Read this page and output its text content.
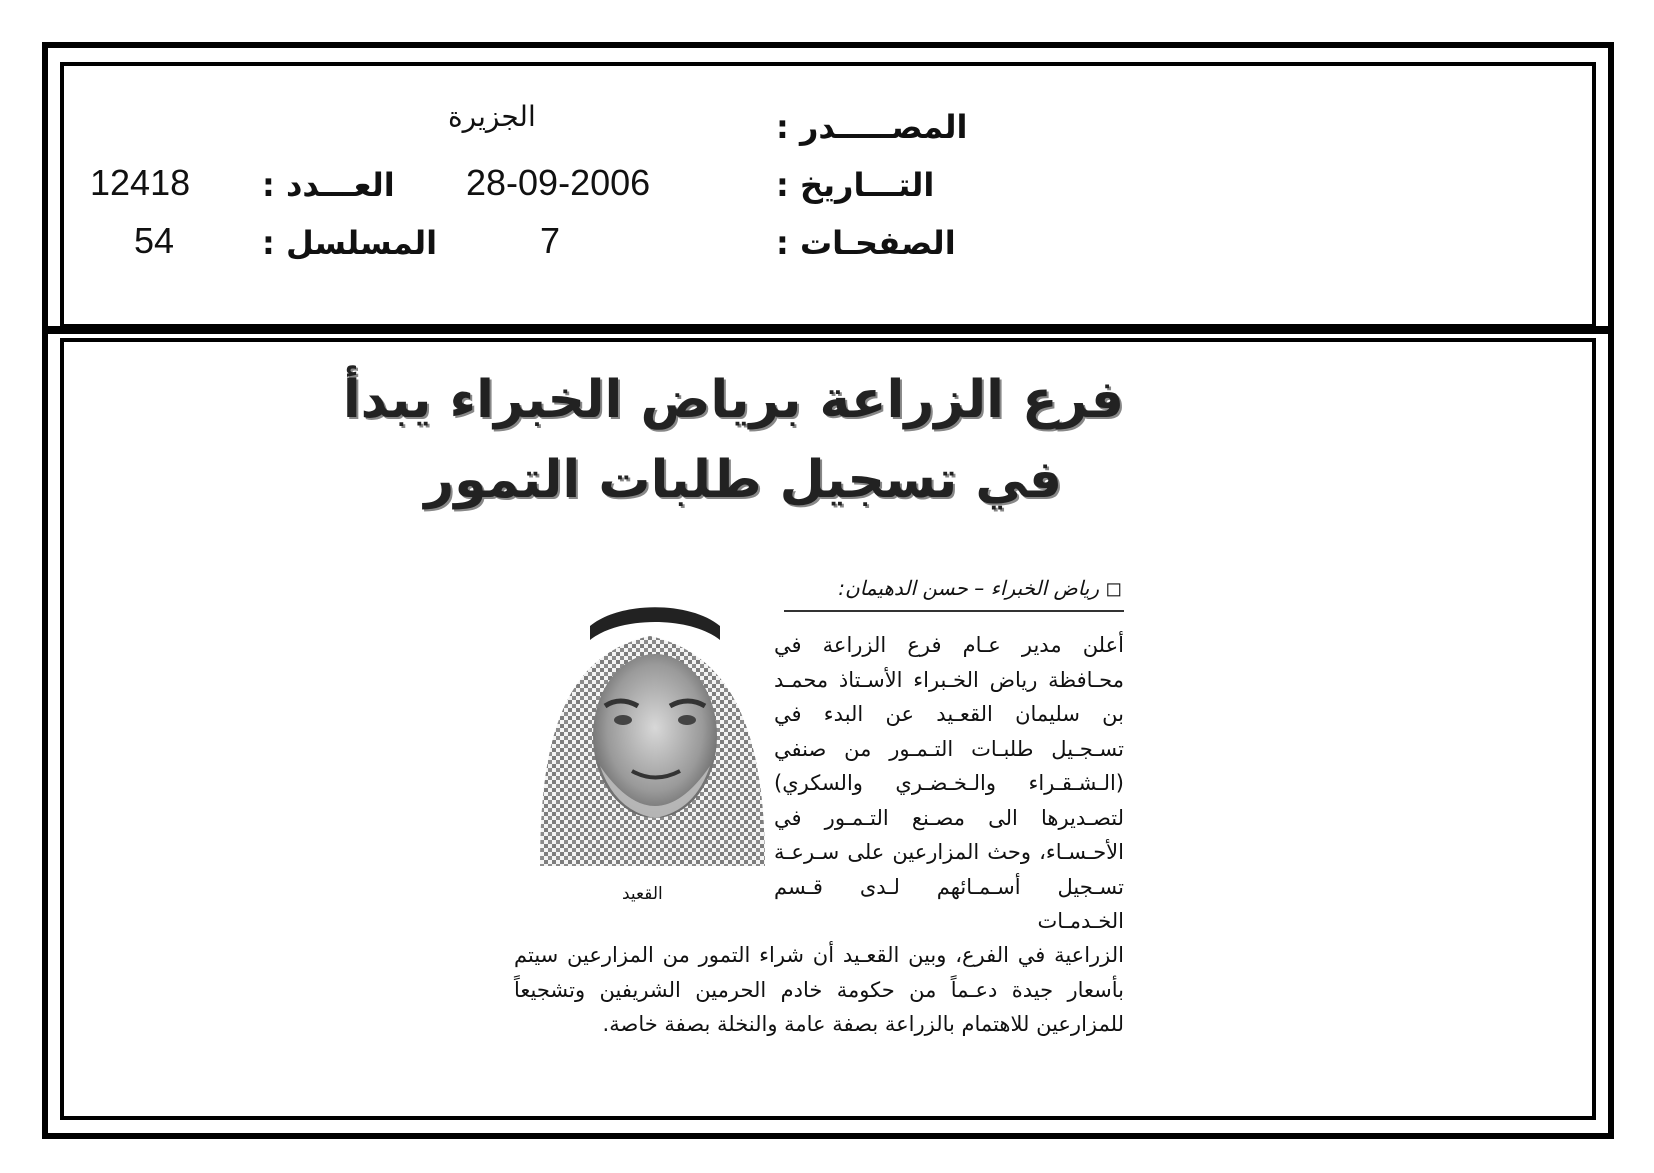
المصـــــدر :
الجزيرة
التـــاريخ :
28-09-2006
الصفحـات :
7
العـــدد :
12418
المسلسل :
54
فرع الزراعة برياض الخبراء يبدأ
في تسجيل طلبات التمور
◻ رياض الخبراء – حسن الدهيمان:
أعلن مدير عـام فرع الزراعة في محـافظة رياض الخـبراء الأسـتاذ محمـد بن سليمان القعـيد عن البدء في تسـجـيل طلبـات التـمـور من صنفي (الـشـقـراء والـخـضـري والسكري) لتصـديرها الى مصـنع التـمـور في الأحـسـاء، وحث المزارعين على سـرعـة تسـجيل أسـمـائهم لـدى قـسم الخـدمـات
القعيد
الزراعية في الفرع، وبين القعـيد أن شراء التمور من المزارعين سيتم بأسعار جيدة دعـماً من حكومة خادم الحرمين الشريفين وتشجيعاً للمزارعين للاهتمام بالزراعة بصفة عامة والنخلة بصفة خاصة.
